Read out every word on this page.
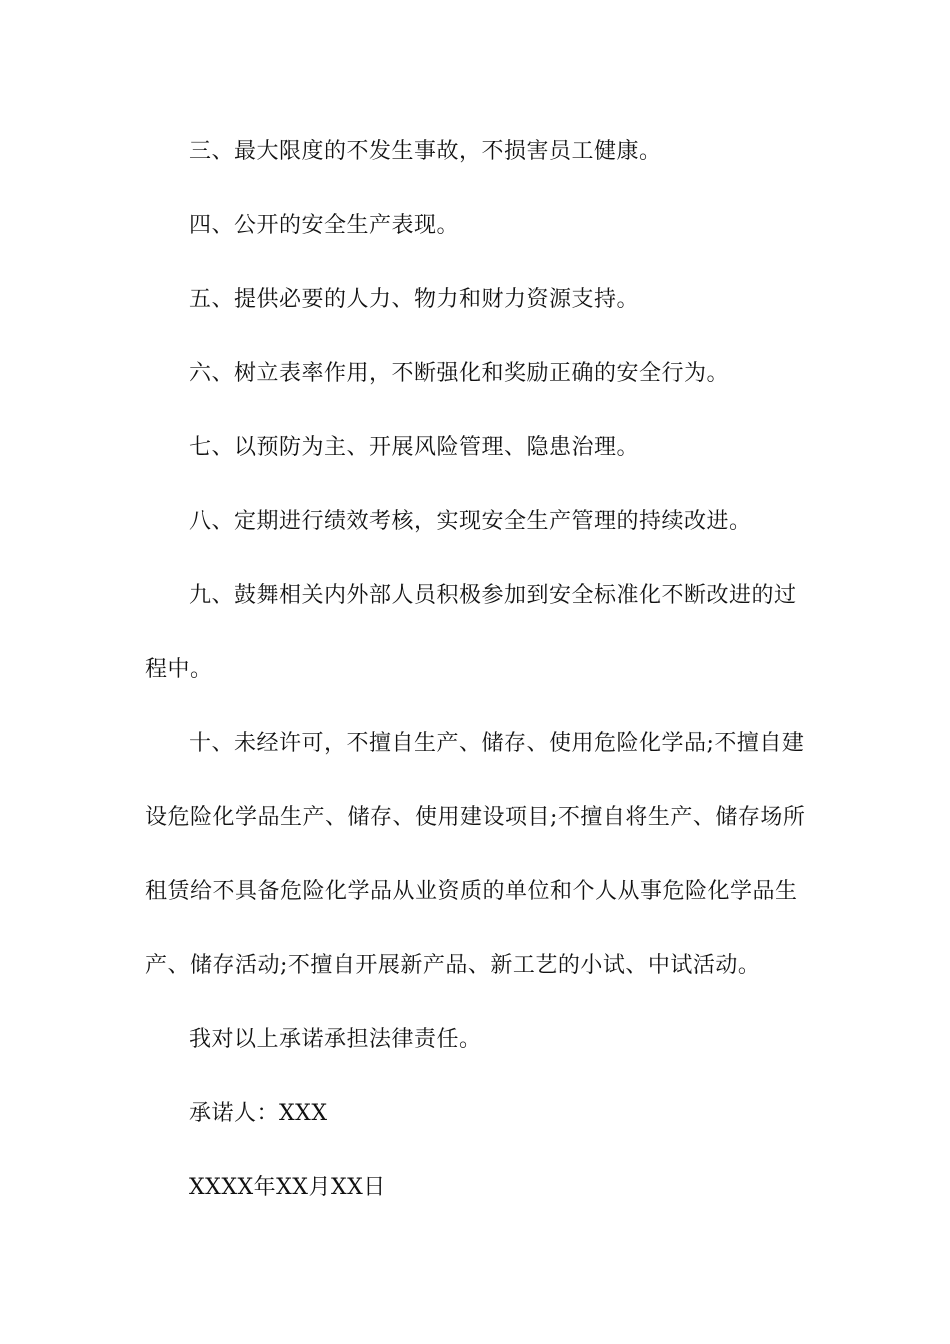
三、最大限度的不发生事故，不损害员工健康。

四、公开的安全生产表现。

五、提供必要的人力、物力和财力资源支持。

六、树立表率作用，不断强化和奖励正确的安全行为。

七、以预防为主、开展风险管理、隐患治理。

八、定期进行绩效考核，实现安全生产管理的持续改进。

九、鼓舞相关内外部人员积极参加到安全标准化不断改进的过程中。

十、未经许可，不擅自生产、储存、使用危险化学品;不擅自建设危险化学品生产、储存、使用建设项目;不擅自将生产、储存场所租赁给不具备危险化学品从业资质的单位和个人从事危险化学品生产、储存活动;不擅自开展新产品、新工艺的小试、中试活动。

我对以上承诺承担法律责任。

承诺人：XXX

XXXX年XX月XX日
